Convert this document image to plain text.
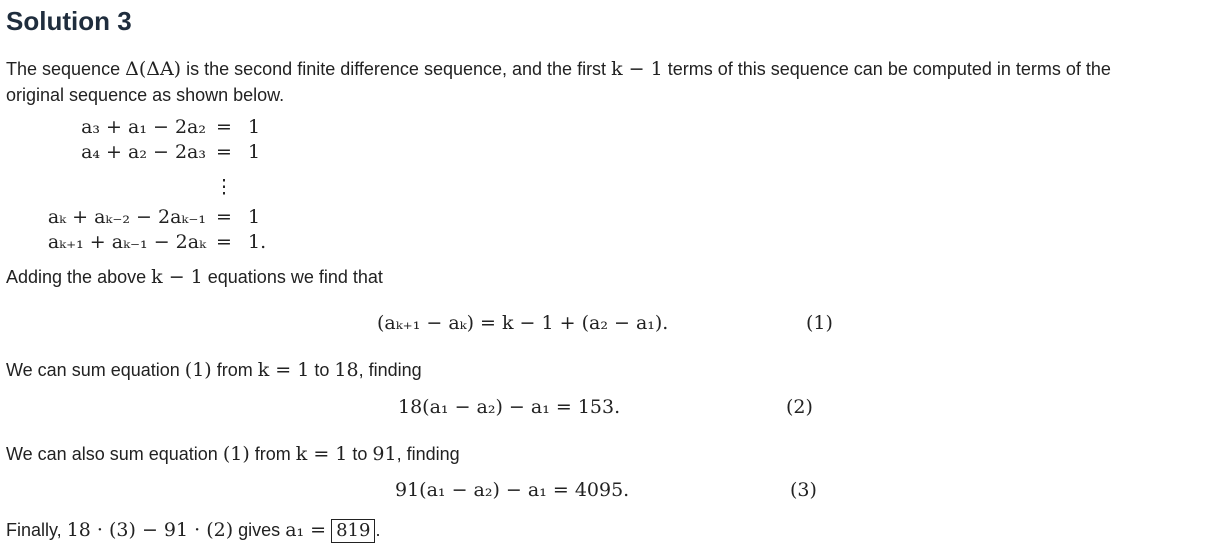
Solution 3
The sequence Δ(ΔA) is the second finite difference sequence, and the first k − 1 terms of this sequence can be computed in terms of the
original sequence as shown below.
a₃ + a₁ − 2a₂ = 1
a₄ + a₂ − 2a₃ = 1
⋮
aₖ + aₖ₋₂ − 2aₖ₋₁ = 1
aₖ₊₁ + aₖ₋₁ − 2aₖ = 1.
Adding the above k − 1 equations we find that
(aₖ₊₁ − aₖ) = k − 1 + (a₂ − a₁).	(1)
We can sum equation (1) from k = 1 to 18, finding
18(a₁ − a₂) − a₁ = 153.	(2)
We can also sum equation (1) from k = 1 to 91, finding
91(a₁ − a₂) − a₁ = 4095.	(3)
Finally, 18 · (3) − 91 · (2) gives a₁ = 819 .
